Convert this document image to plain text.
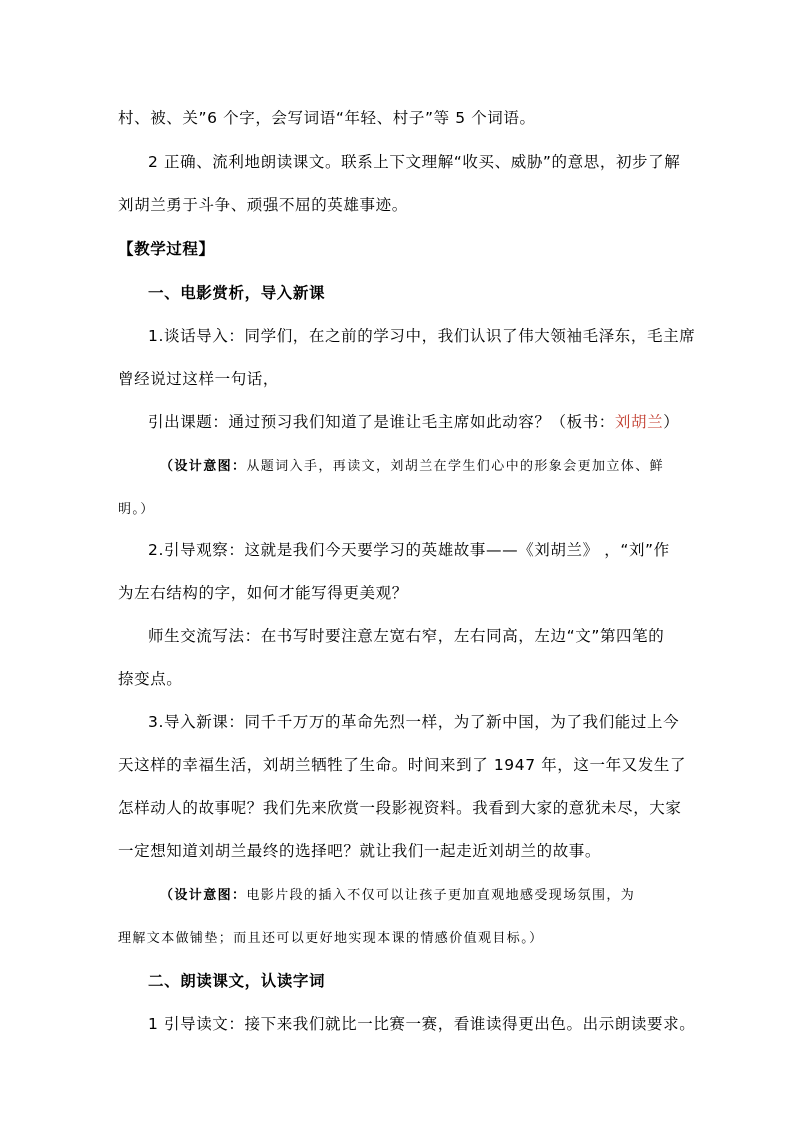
村、被、关”6 个字，会写词语“年轻、村子”等 5 个词语。
2 正确、流利地朗读课文。联系上下文理解“收买、威胁”的意思，初步了解
刘胡兰勇于斗争、顽强不屈的英雄事迹。
【教学过程】
一、电影赏析，导入新课
1.谈话导入：同学们，在之前的学习中，我们认识了伟大领袖毛泽东，毛主席
曾经说过这样一句话，
引出课题：通过预习我们知道了是谁让毛主席如此动容？（板书：刘胡兰）
（设计意图：从题词入手，再读文，刘胡兰在学生们心中的形象会更加立体、鲜
明。）
2.引导观察：这就是我们今天要学习的英雄故事——《刘胡兰》 ，“刘”作
为左右结构的字，如何才能写得更美观？
师生交流写法：在书写时要注意左宽右窄，左右同高，左边“文”第四笔的
捺变点。
3.导入新课：同千千万万的革命先烈一样，为了新中国，为了我们能过上今
天这样的幸福生活，刘胡兰牺牲了生命。时间来到了 1947 年，这一年又发生了
怎样动人的故事呢？我们先来欣赏一段影视资料。我看到大家的意犹未尽，大家
一定想知道刘胡兰最终的选择吧？就让我们一起走近刘胡兰的故事。
（设计意图：电影片段的插入不仅可以让孩子更加直观地感受现场氛围，为
理解文本做铺垫；而且还可以更好地实现本课的情感价值观目标。）
二、朗读课文，认读字词
1 引导读文：接下来我们就比一比赛一赛，看谁读得更出色。出示朗读要求。
